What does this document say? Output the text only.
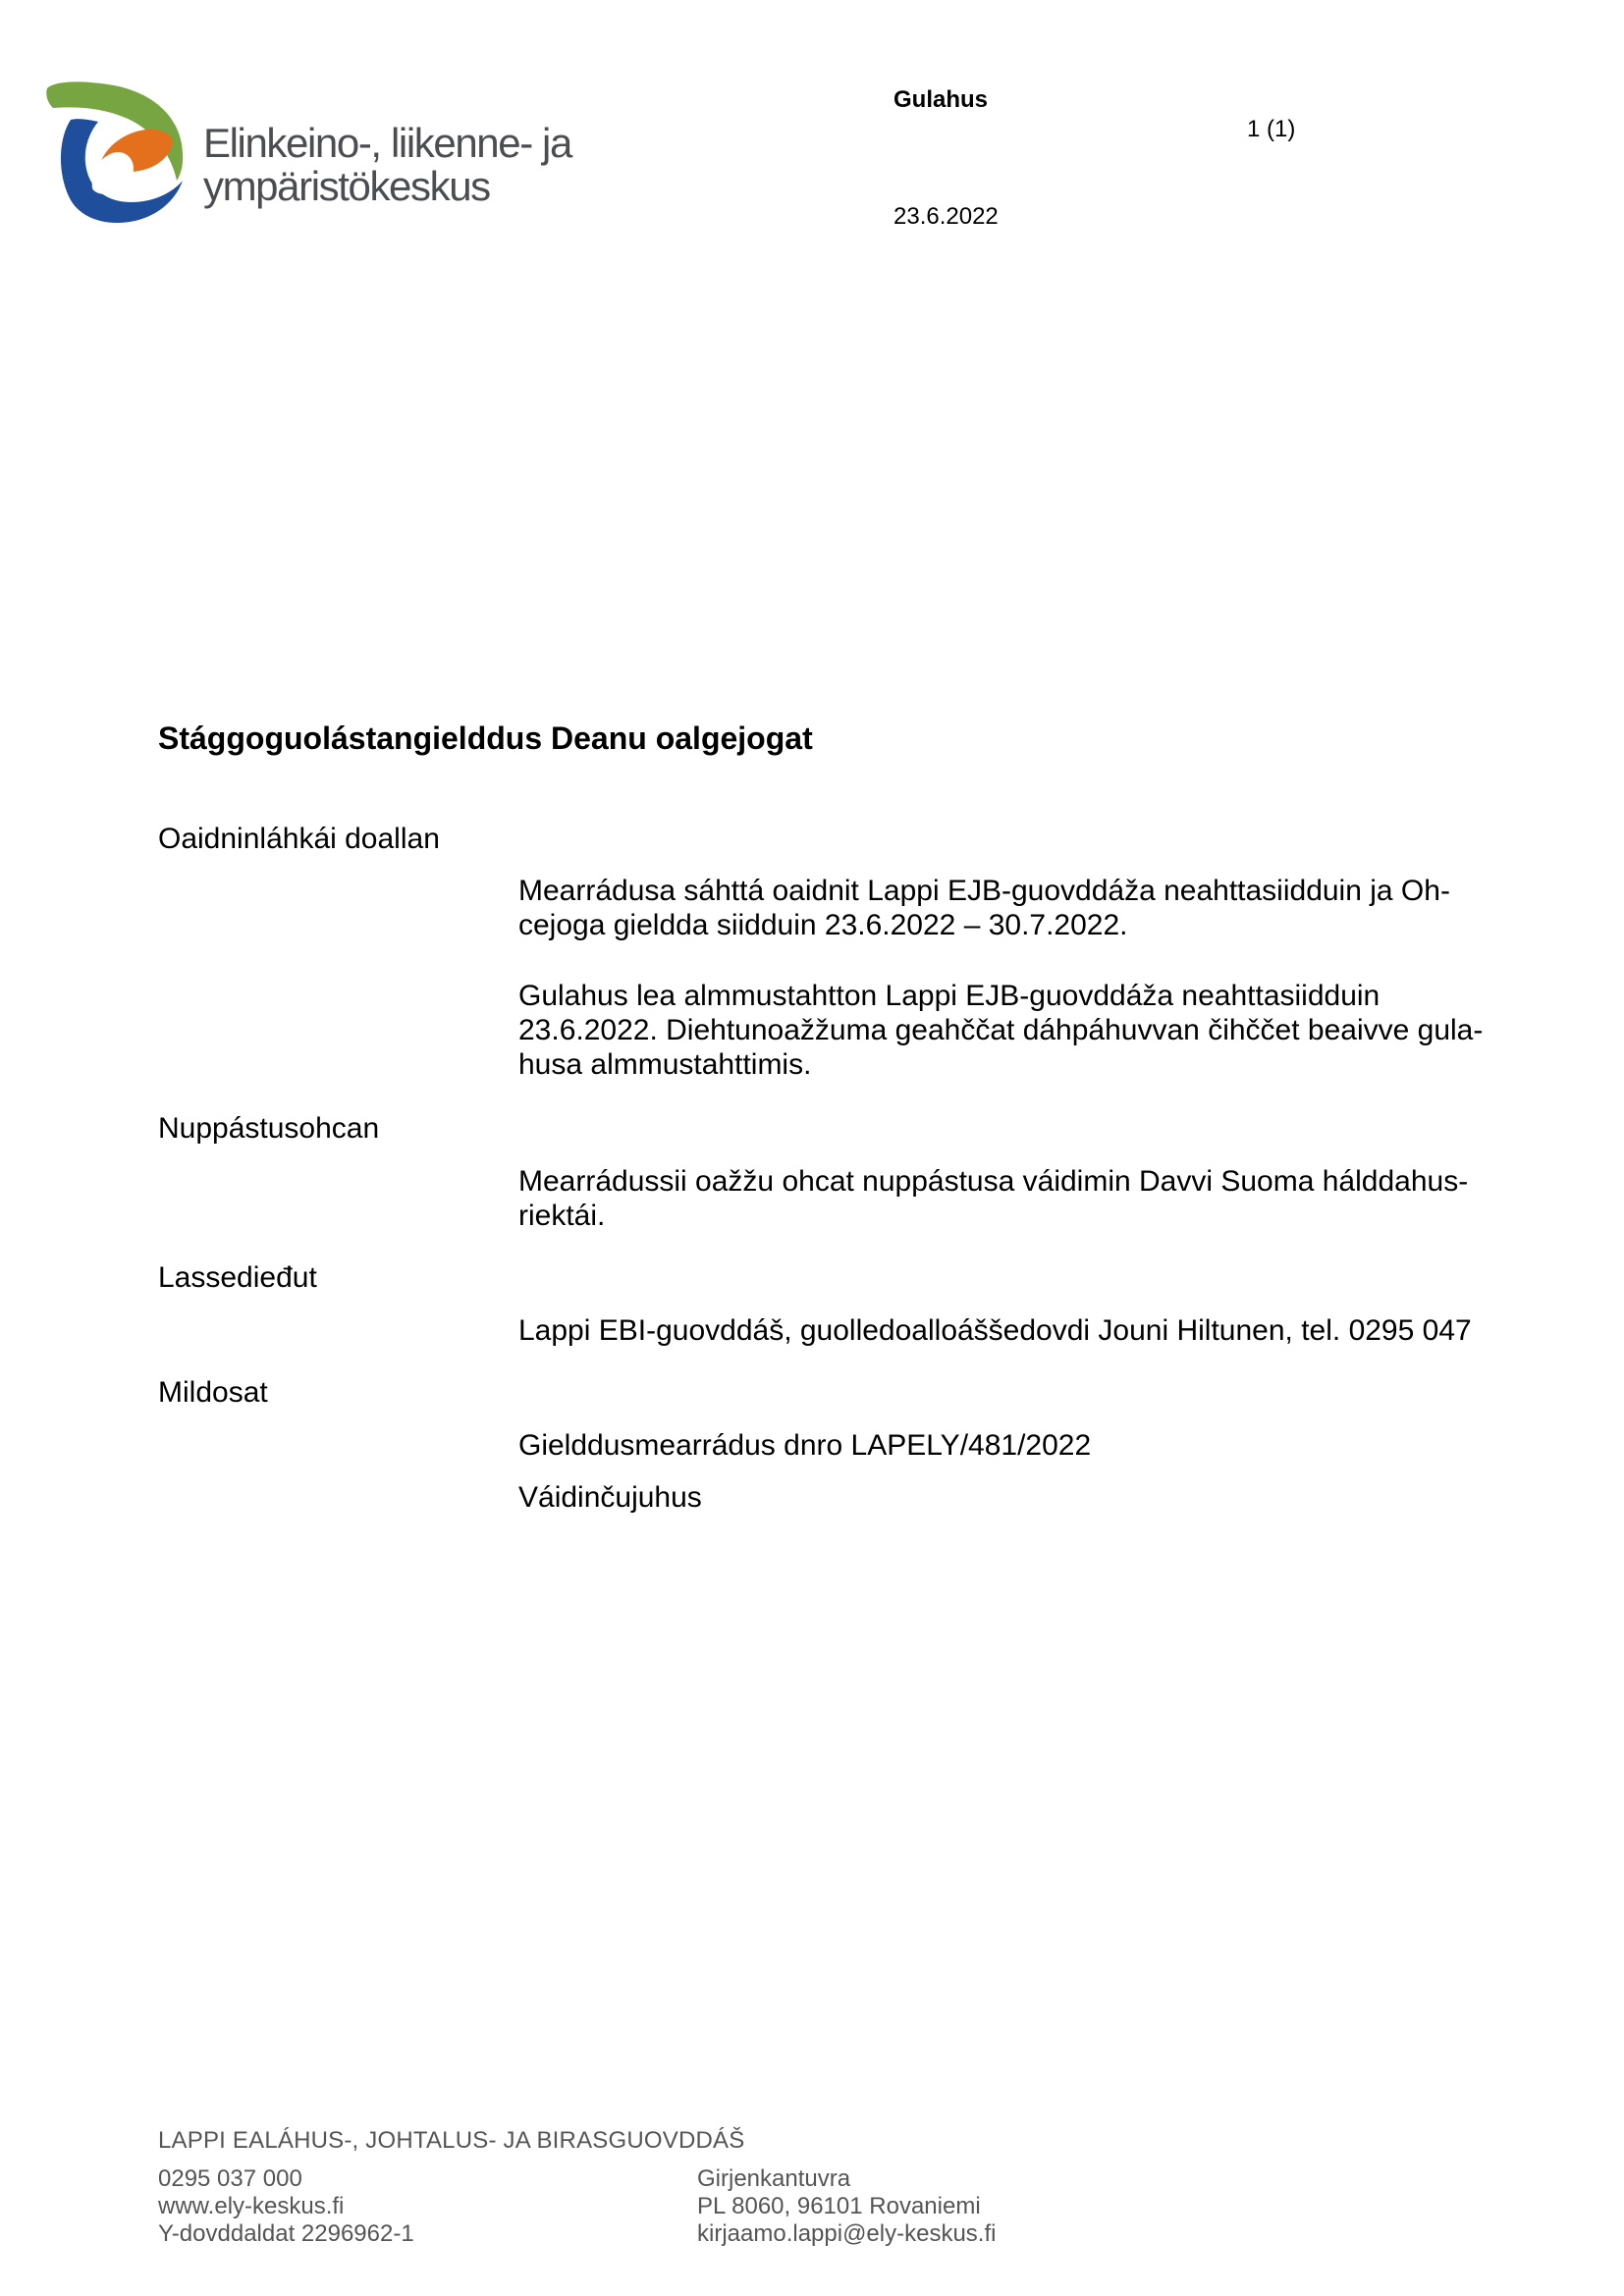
Elinkeino-, liikenne- ja
ympäristökeskus
Gulahus
1 (1)
23.6.2022
Stággoguolástangielddus Deanu oalgejogat
Oaidninláhkái doallan
Mearrádusa sáhttá oaidnit Lappi EJB-guovddáža neahttasiidduin ja Oh-
cejoga gieldda siidduin 23.6.2022 – 30.7.2022.
Gulahus lea almmustahtton Lappi EJB-guovddáža neahttasiidduin
23.6.2022. Diehtunoažžuma geahččat dáhpáhuvvan čihččet beaivve gula-
husa almmustahttimis.
Nuppástusohcan
Mearrádussii oažžu ohcat nuppástusa váidimin Davvi Suoma hálddahus-
riektái.
Lassedieđut
Lappi EBI-guovddáš, guolledoalloáššedovdi Jouni Hiltunen, tel. 0295 047
Mildosat
Gielddusmearrádus dnro LAPELY/481/2022
Váidinčujuhus
LAPPI EALÁHUS-, JOHTALUS- JA BIRASGUOVDDÁŠ
0295 037 000
www.ely-keskus.fi
Y-dovddaldat 2296962-1
Girjenkantuvra
PL 8060, 96101 Rovaniemi
kirjaamo.lappi@ely-keskus.fi
